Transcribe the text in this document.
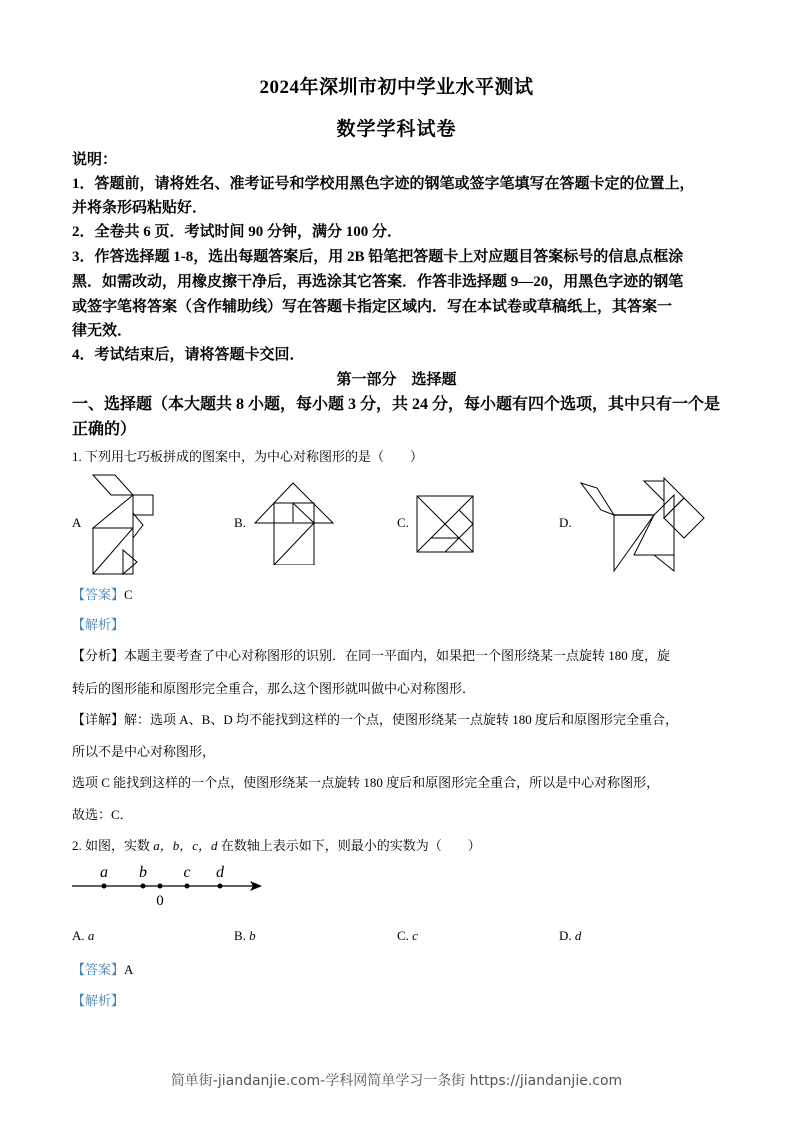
2024年深圳市初中学业水平测试
数学学科试卷
说明：
1．答题前，请将姓名、准考证号和学校用黑色字迹的钢笔或签字笔填写在答题卡定的位置上，
并将条形码粘贴好．
2．全卷共 6 页．考试时间 90 分钟，满分 100 分．
3．作答选择题 1-8，选出每题答案后，用 2B 铅笔把答题卡上对应题目答案标号的信息点框涂
黑．如需改动，用橡皮擦干净后，再选涂其它答案．作答非选择题 9—20，用黑色字迹的钢笔
或签字笔将答案（含作辅助线）写在答题卡指定区域内．写在本试卷或草稿纸上，其答案一
律无效．
4．考试结束后，请将答题卡交回．
第一部分　选择题
一、选择题（本大题共 8 小题，每小题 3 分，共 24 分，每小题有四个选项，其中只有一个是
正确的）
1. 下列用七巧板拼成的图案中，为中心对称图形的是（　　）
A	B.	C.	D.
【答案】C
【解析】
【分析】本题主要考查了中心对称图形的识别．在同一平面内，如果把一个图形绕某一点旋转 180 度，旋
转后的图形能和原图形完全重合，那么这个图形就叫做中心对称图形．
【详解】解：选项 A、B、D 均不能找到这样的一个点，使图形绕某一点旋转 180 度后和原图形完全重合，
所以不是中心对称图形，
选项 C 能找到这样的一个点，使图形绕某一点旋转 180 度后和原图形完全重合，所以是中心对称图形，
故选：C．
2. 如图，实数 a，b，c，d 在数轴上表示如下，则最小的实数为（　　）
a b c d
0
A. a	B. b	C. c	D. d
【答案】A
【解析】
简单街-jiandanjie.com-学科网简单学习一条街 https://jiandanjie.com
